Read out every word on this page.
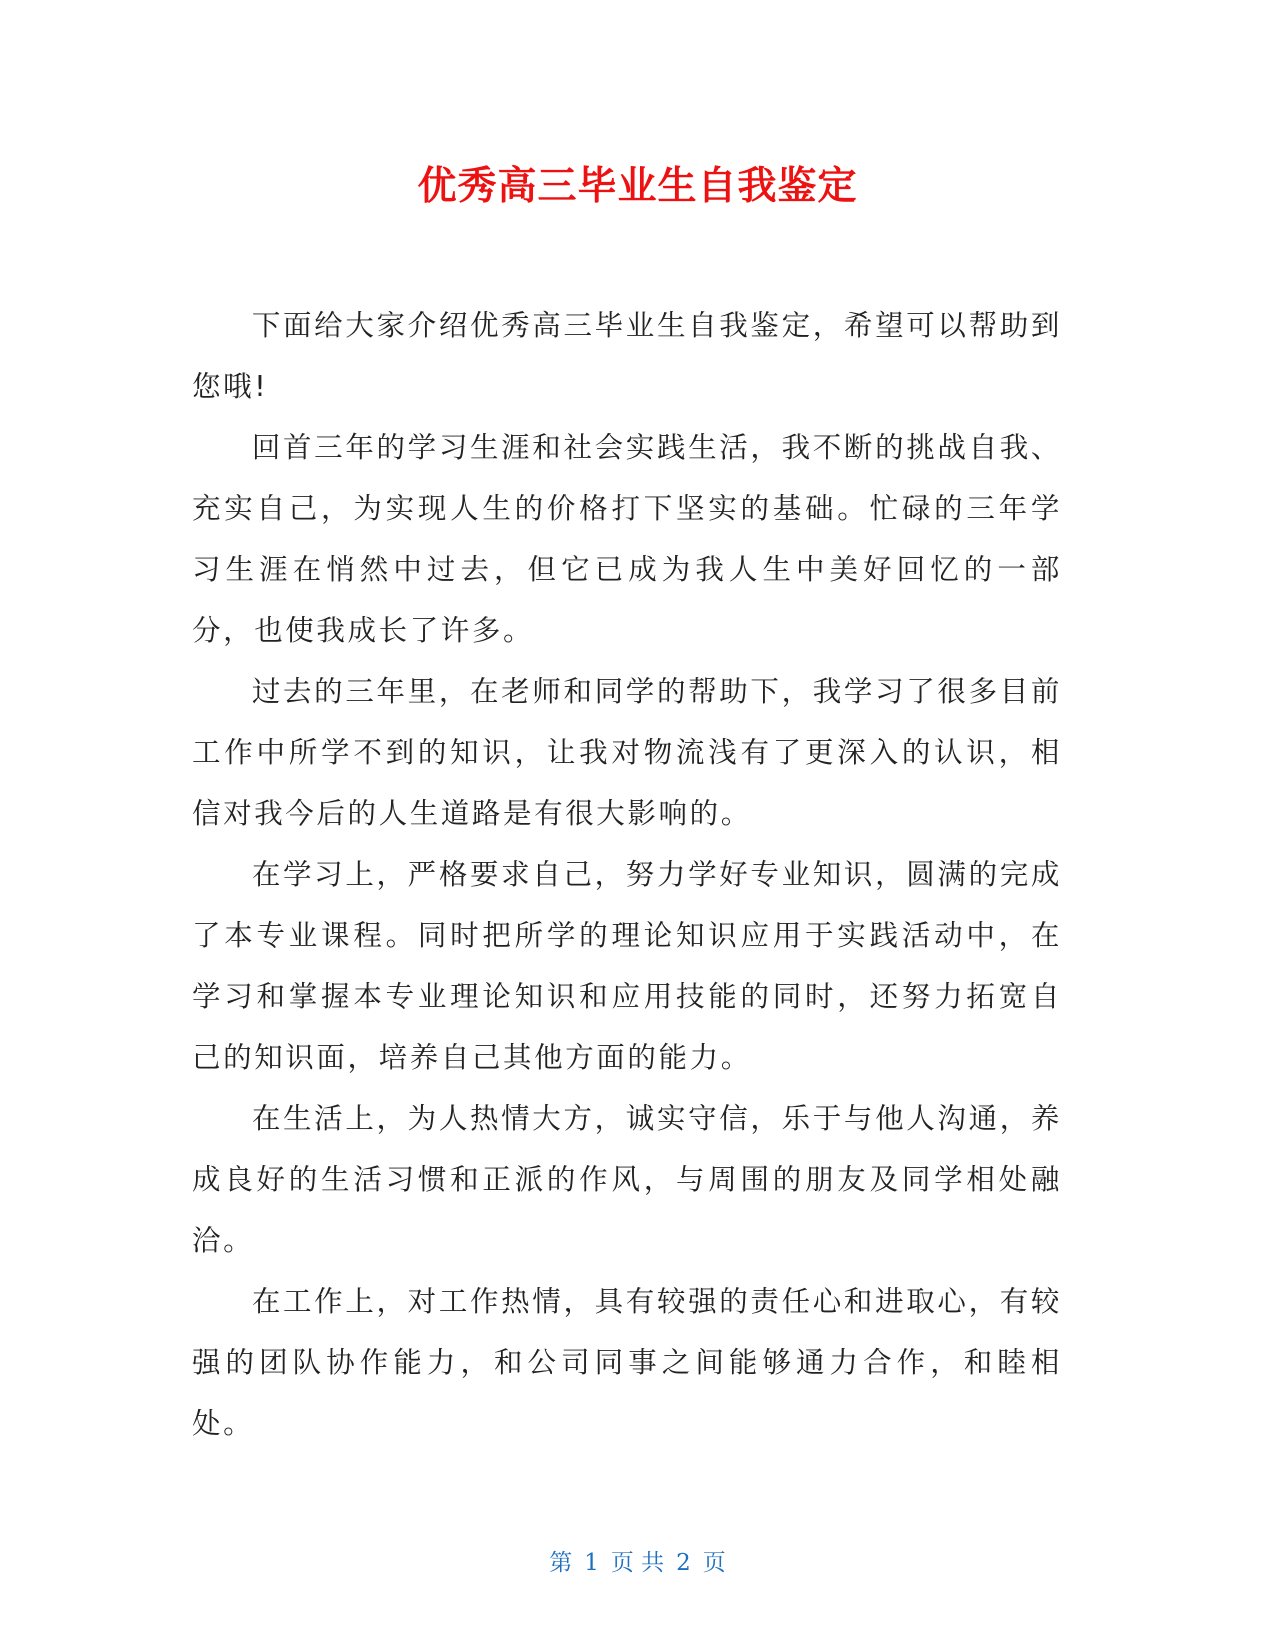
优秀高三毕业生自我鉴定

下面给大家介绍优秀高三毕业生自我鉴定，希望可以帮助到您哦!

回首三年的学习生涯和社会实践生活，我不断的挑战自我、充实自己，为实现人生的价格打下坚实的基础。忙碌的三年学习生涯在悄然中过去，但它已成为我人生中美好回忆的一部分，也使我成长了许多。

过去的三年里，在老师和同学的帮助下，我学习了很多目前工作中所学不到的知识，让我对物流浅有了更深入的认识，相信对我今后的人生道路是有很大影响的。

在学习上，严格要求自己，努力学好专业知识，圆满的完成了本专业课程。同时把所学的理论知识应用于实践活动中，在学习和掌握本专业理论知识和应用技能的同时，还努力拓宽自己的知识面，培养自己其他方面的能力。

在生活上，为人热情大方，诚实守信，乐于与他人沟通，养成良好的生活习惯和正派的作风，与周围的朋友及同学相处融洽。

在工作上，对工作热情，具有较强的责任心和进取心，有较强的团队协作能力，和公司同事之间能够通力合作，和睦相处。

第 1 页 共 2 页
